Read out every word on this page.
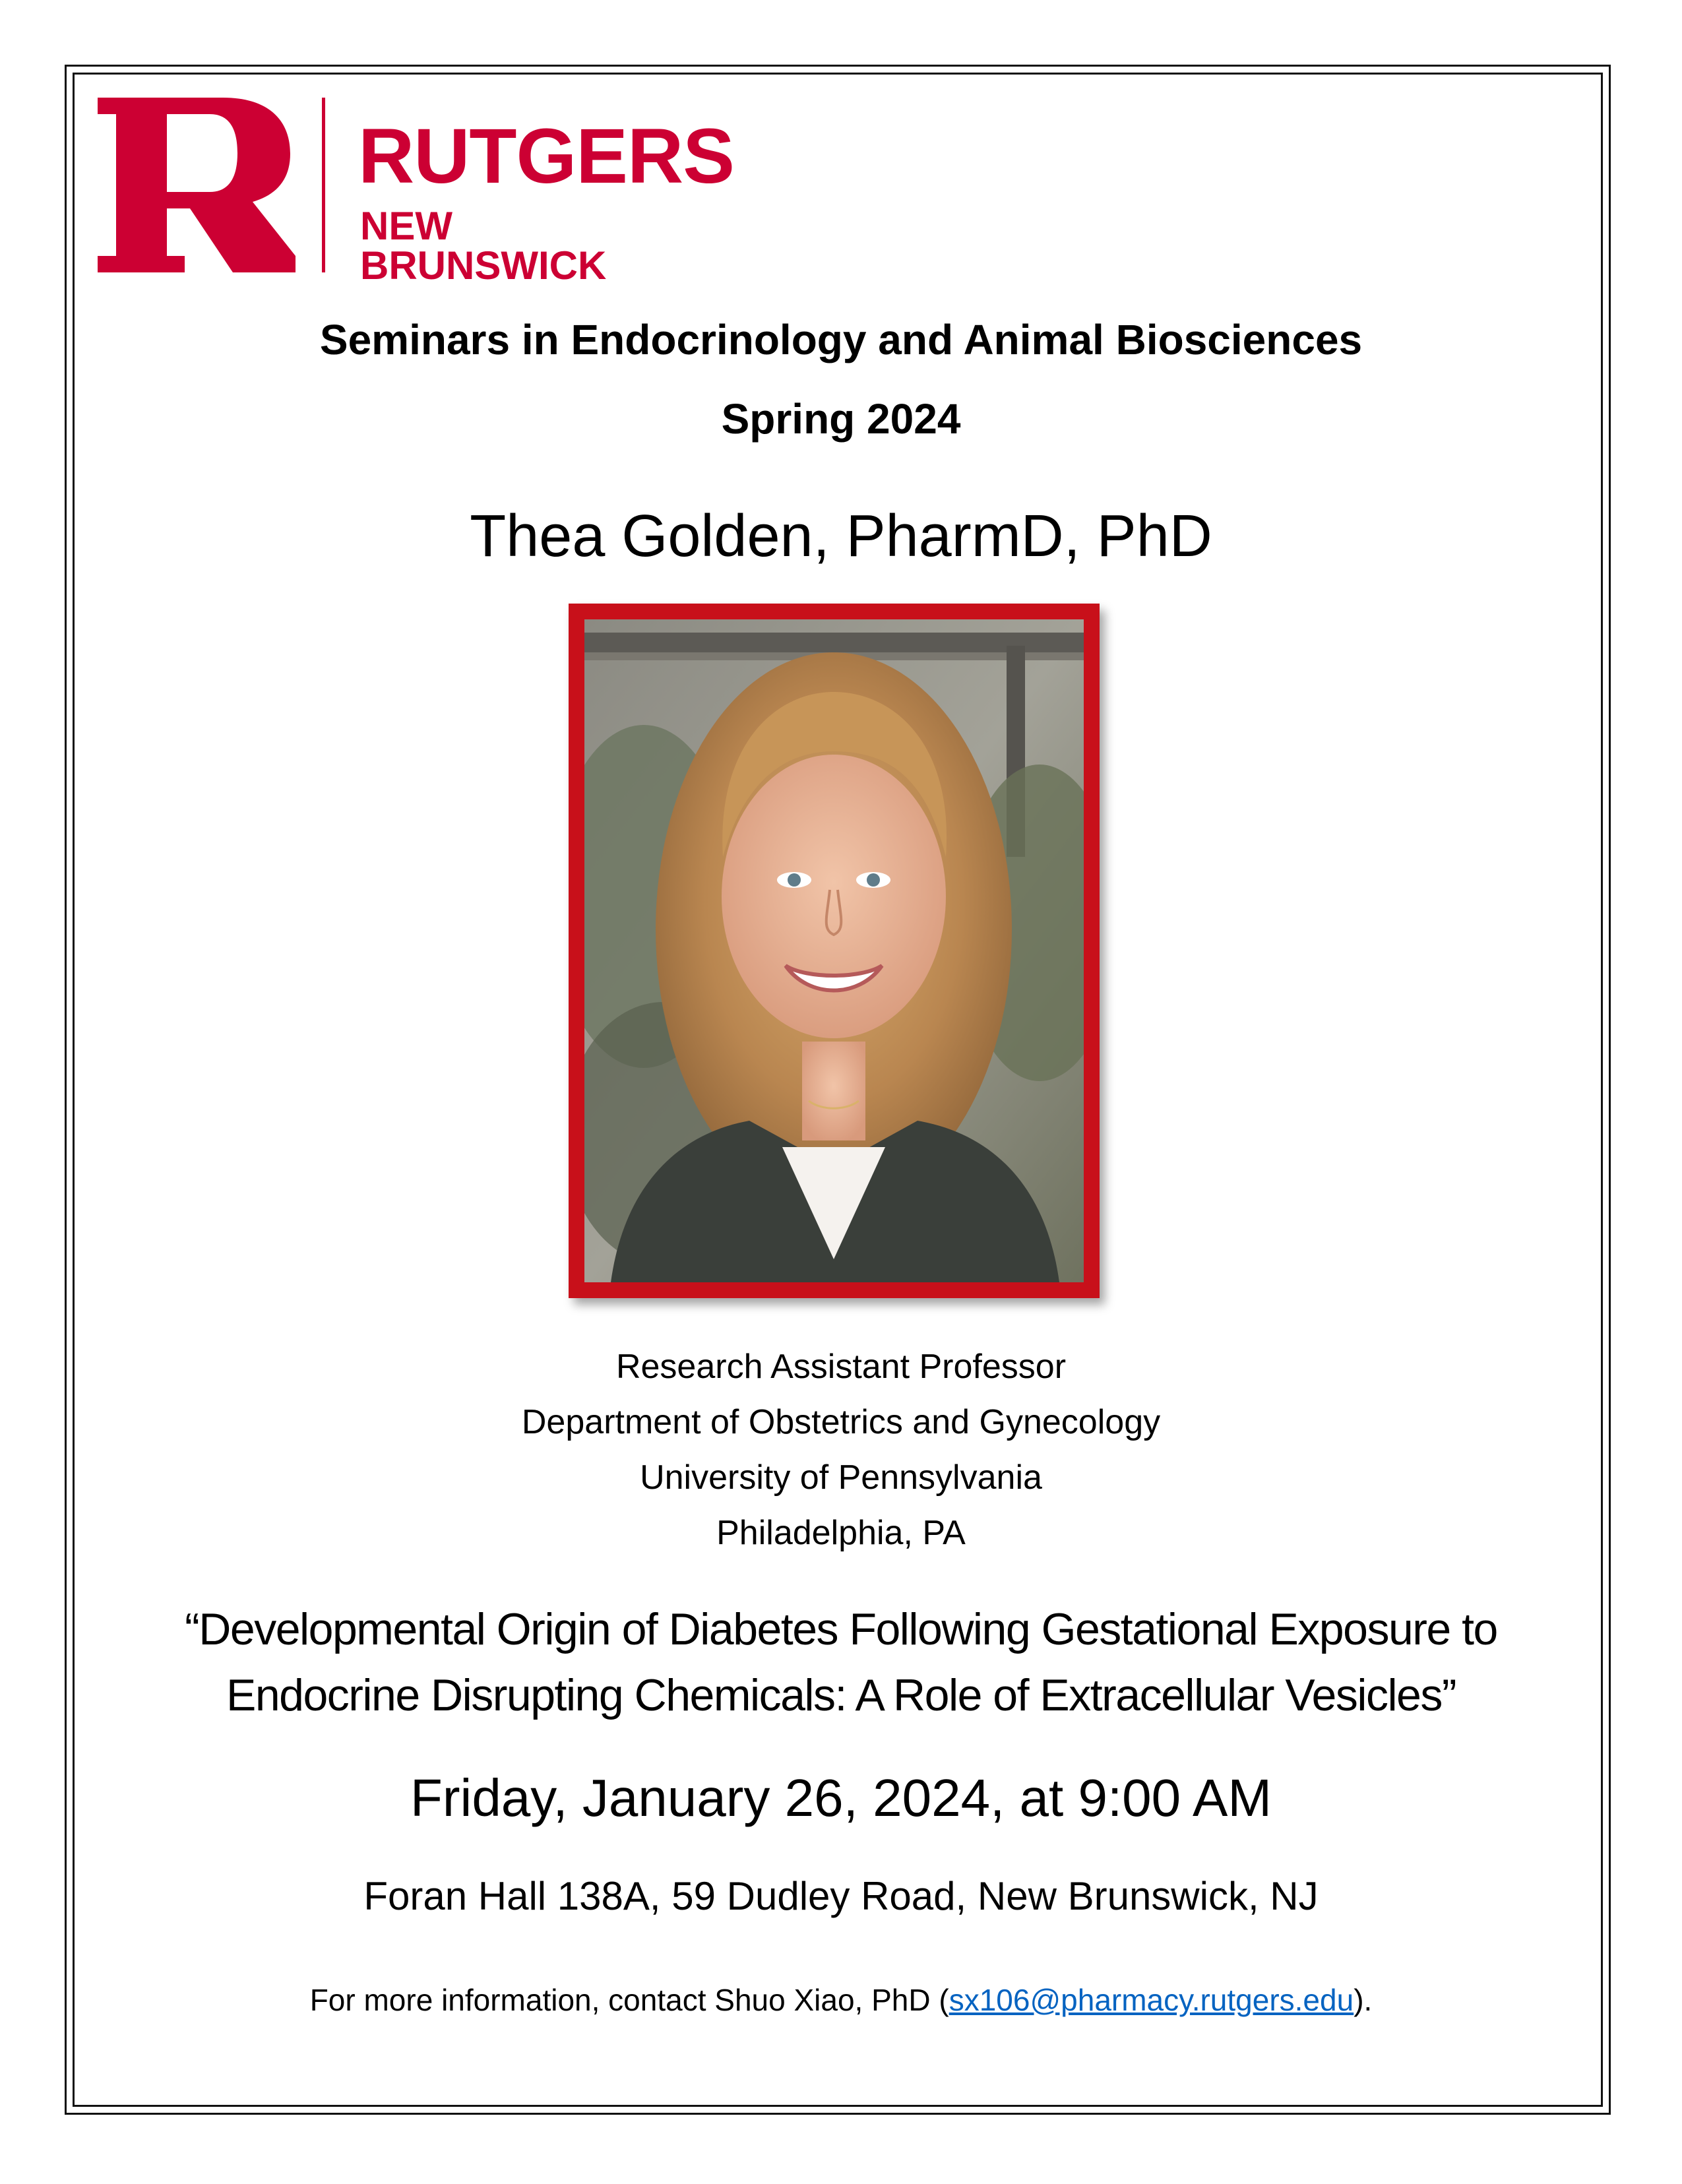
RUTGERS
NEW BRUNSWICK
Seminars in Endocrinology and Animal Biosciences
Spring 2024
Thea Golden, PharmD, PhD
Research Assistant Professor
Department of Obstetrics and Gynecology
University of Pennsylvania
Philadelphia, PA
“Developmental Origin of Diabetes Following Gestational Exposure to
Endocrine Disrupting Chemicals: A Role of Extracellular Vesicles”
Friday, January 26, 2024, at 9:00 AM
Foran Hall 138A, 59 Dudley Road, New Brunswick, NJ
For more information, contact Shuo Xiao, PhD (sx106@pharmacy.rutgers.edu).
